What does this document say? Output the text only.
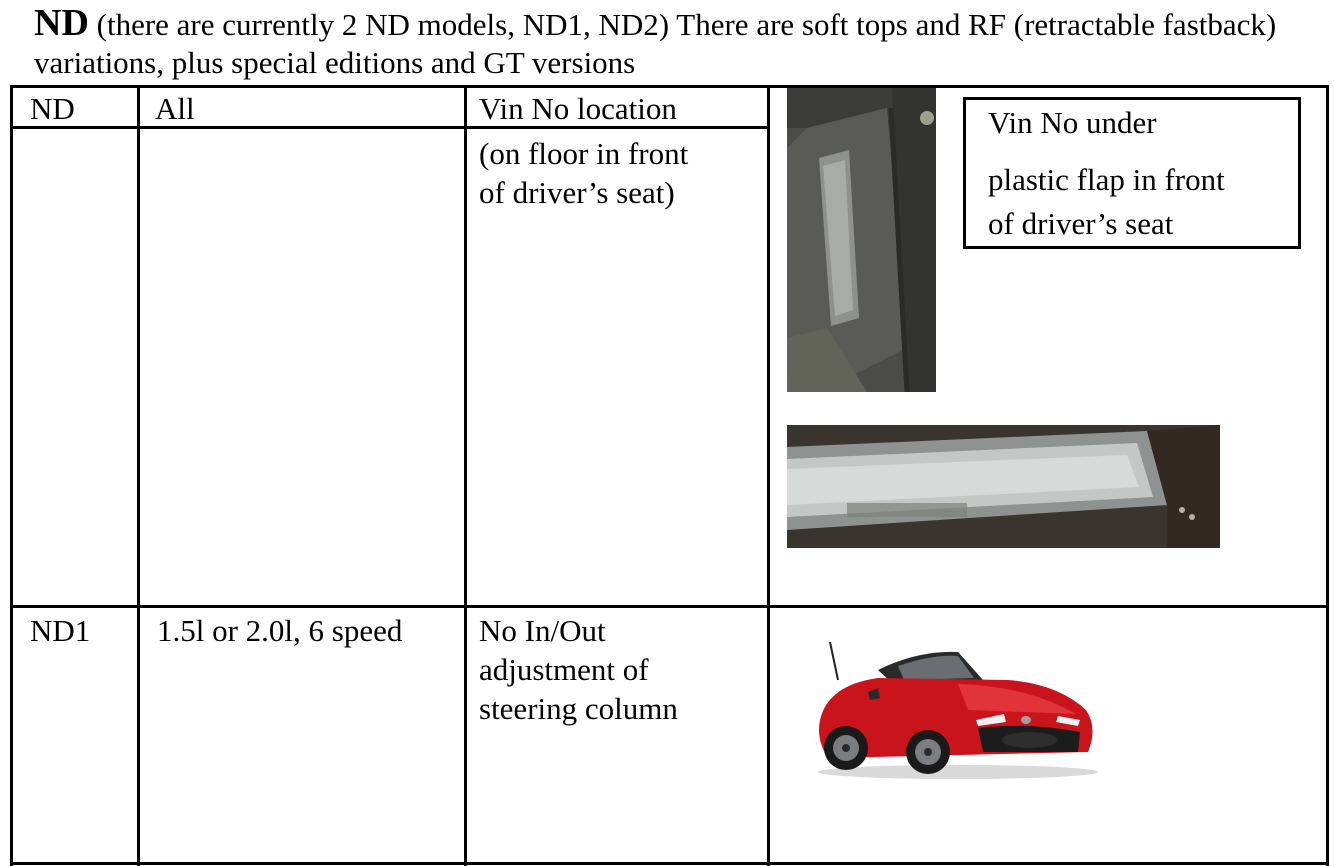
ND (there are currently 2 ND models, ND1, ND2) There are soft tops and RF (retractable fastback) variations, plus special editions and GT versions
ND	All	Vin No location
(on floor in front
of driver’s seat)
ND1 1.5l or 2.0l, 6 speed No In/Out
adjustment of
steering column
Vin No under
plastic flap in front
of driver’s seat
